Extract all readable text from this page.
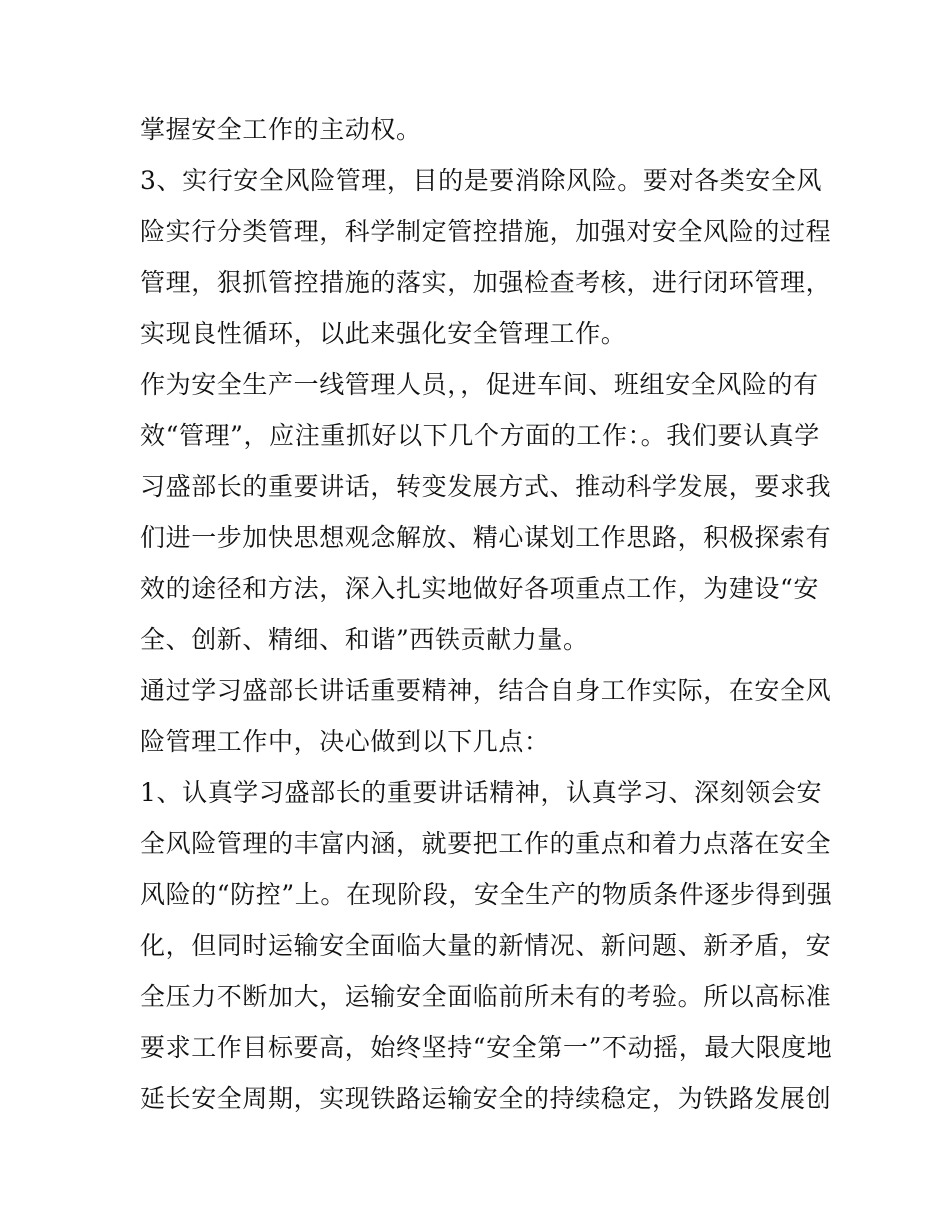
掌握安全工作的主动权。
3、实行安全风险管理，目的是要消除风险。要对各类安全风
险实行分类管理，科学制定管控措施，加强对安全风险的过程
管理，狠抓管控措施的落实，加强检查考核，进行闭环管理，
实现良性循环，以此来强化安全管理工作。
作为安全生产一线管理人员，，促进车间、班组安全风险的有
效“管理”，应注重抓好以下几个方面的工作：。我们要认真学
习盛部长的重要讲话，转变发展方式、推动科学发展，要求我
们进一步加快思想观念解放、精心谋划工作思路，积极探索有
效的途径和方法，深入扎实地做好各项重点工作，为建设“安
全、创新、精细、和谐”西铁贡献力量。
通过学习盛部长讲话重要精神，结合自身工作实际，在安全风
险管理工作中，决心做到以下几点：
1、认真学习盛部长的重要讲话精神，认真学习、深刻领会安
全风险管理的丰富内涵，就要把工作的重点和着力点落在安全
风险的“防控”上。在现阶段，安全生产的物质条件逐步得到强
化，但同时运输安全面临大量的新情况、新问题、新矛盾，安
全压力不断加大，运输安全面临前所未有的考验。所以高标准
要求工作目标要高，始终坚持“安全第一”不动摇，最大限度地
延长安全周期，实现铁路运输安全的持续稳定，为铁路发展创
